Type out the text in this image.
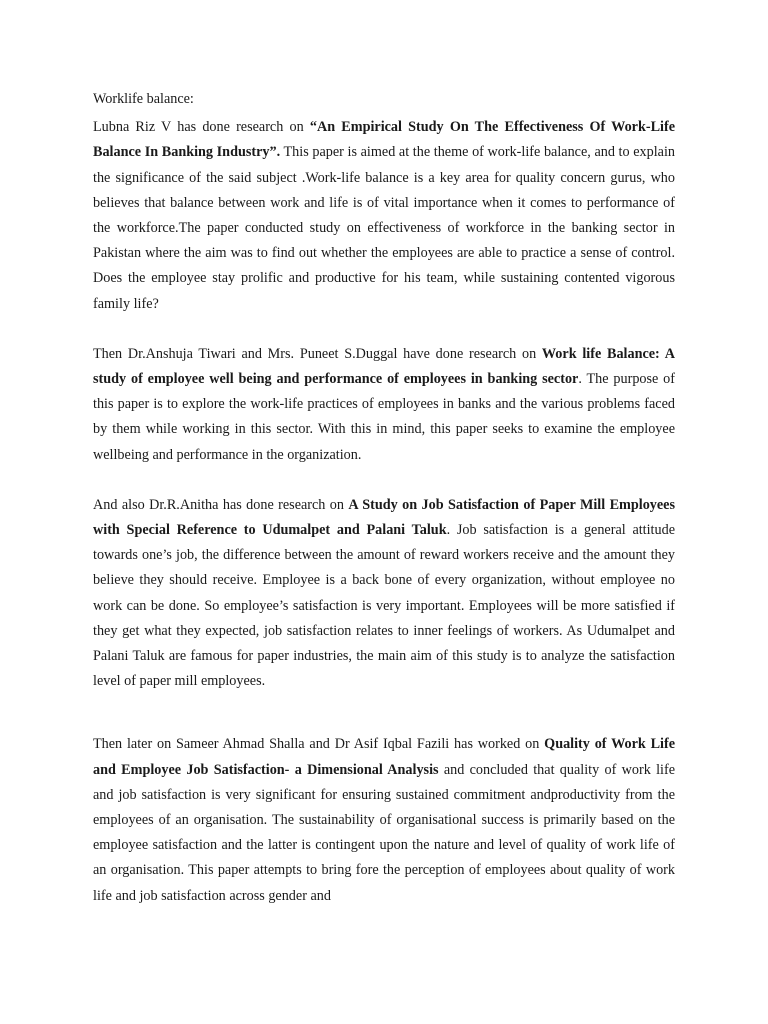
Worklife balance:

Lubna Riz V has done research on “An Empirical Study On The Effectiveness Of Work-Life Balance In Banking Industry”. This paper is aimed at the theme of work-life balance, and to explain the significance of the said subject .Work-life balance is a key area for quality concern gurus, who believes that balance between work and life is of vital importance when it comes to performance of the workforce.The paper conducted study on effectiveness of workforce in the banking sector in Pakistan where the aim was to find out whether the employees are able to practice a sense of control. Does the employee stay prolific and productive for his team, while sustaining contented vigorous family life?

Then Dr.Anshuja Tiwari and Mrs. Puneet S.Duggal have done research on Work life Balance: A study of employee well being and performance of employees in banking sector. The purpose of this paper is to explore the work-life practices of employees in banks and the various problems faced by them while working in this sector. With this in mind, this paper seeks to examine the employee wellbeing and performance in the organization.

And also Dr.R.Anitha has done research on A Study on Job Satisfaction of Paper Mill Employees with Special Reference to Udumalpet and Palani Taluk. Job satisfaction is a general attitude towards one’s job, the difference between the amount of reward workers receive and the amount they believe they should receive. Employee is a back bone of every organization, without employee no work can be done. So employee’s satisfaction is very important. Employees will be more satisfied if they get what they expected, job satisfaction relates to inner feelings of workers. As Udumalpet and Palani Taluk are famous for paper industries, the main aim of this study is to analyze the satisfaction level of paper mill employees.

Then later on Sameer Ahmad Shalla and Dr Asif Iqbal Fazili has worked on Quality of Work Life and Employee Job Satisfaction- a Dimensional Analysis and concluded that quality of work life and job satisfaction is very significant for ensuring sustained commitment andproductivity from the employees of an organisation. The sustainability of organisational success is primarily based on the employee satisfaction and the latter is contingent upon the nature and level of quality of work life of an organisation. This paper attempts to bring fore the perception of employees about quality of work life and job satisfaction across gender and
